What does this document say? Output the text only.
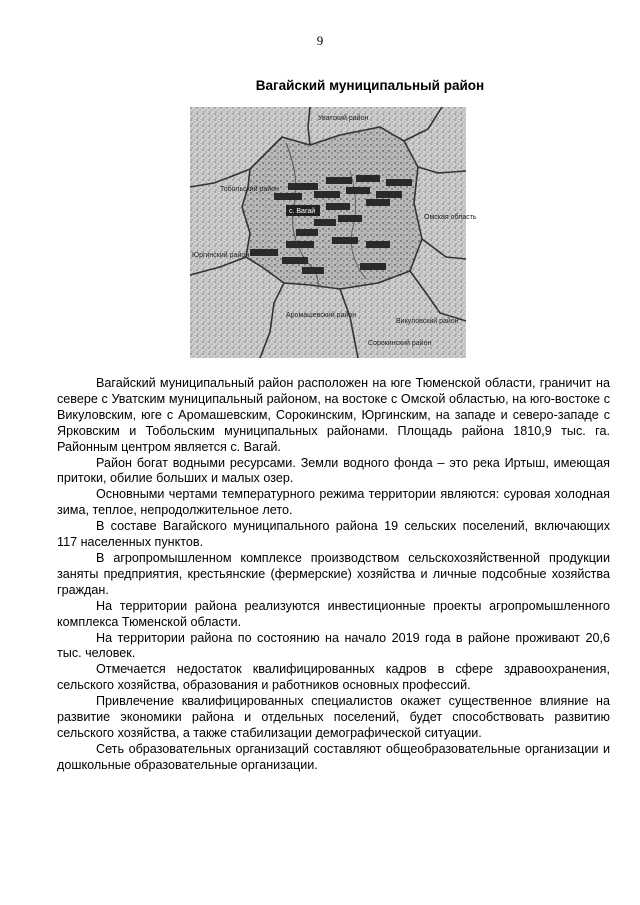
9
Вагайский муниципальный район
Уватский район
Тобольский район
Юргинский район
Омская область
Аромашевский район
Викуловский район
Сорокинский район
с. Вагай

Вагайский муниципальный район расположен на юге Тюменской области, граничит на севере с Уватским муниципальный районом, на востоке с Омской областью, на юго-востоке с Викуловским, юге с Аромашевским, Сорокинским, Юргинским, на западе и северо-западе с Ярковским и Тобольским муниципальных районами. Площадь района 1810,9 тыс. га. Районным центром является с. Вагай.

Район богат водными ресурсами. Земли водного фонда – это река Иртыш, имеющая притоки, обилие больших и малых озер.

Основными чертами температурного режима территории являются: суровая холодная зима, теплое, непродолжительное лето.

В составе Вагайского муниципального района 19 сельских поселений, включающих 117 населенных пунктов.

В агропромышленном комплексе производством сельскохозяйственной продукции заняты предприятия, крестьянские (фермерские) хозяйства и личные подсобные хозяйства граждан.

На территории района реализуются инвестиционные проекты агропромышленного комплекса Тюменской области.

На территории района по состоянию на начало 2019 года в районе проживают 20,6 тыс. человек.

Отмечается недостаток квалифицированных кадров в сфере здравоохранения, сельского хозяйства, образования и работников основных профессий.

Привлечение квалифицированных специалистов окажет существенное влияние на развитие экономики района и отдельных поселений, будет способствовать развитию сельского хозяйства, а также стабилизации демографической ситуации.

Сеть образовательных организаций составляют общеобразовательные организации и дошкольные образовательные организации.
